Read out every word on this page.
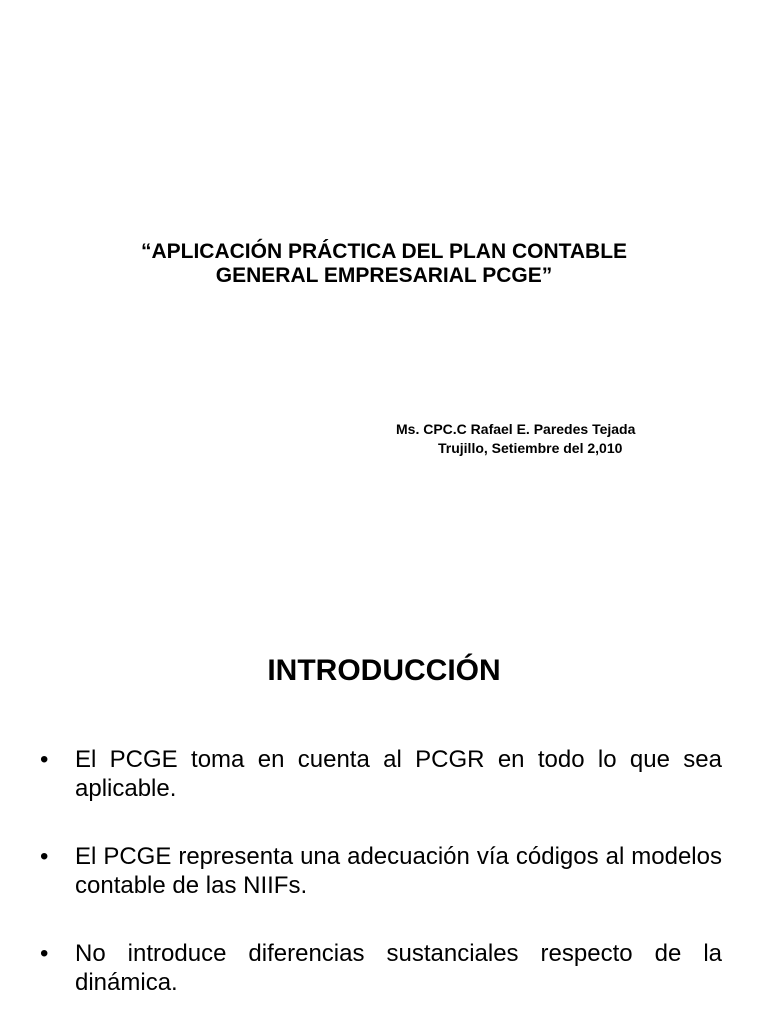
“APLICACIÓN PRÁCTICA DEL PLAN CONTABLE
GENERAL EMPRESARIAL PCGE”
Ms. CPC.C Rafael E. Paredes Tejada
Trujillo, Setiembre del 2,010
INTRODUCCIÓN
• El PCGE toma en cuenta al PCGR en todo lo que sea aplicable.
• El PCGE representa una adecuación vía códigos al modelos contable de las NIIFs.
• No introduce diferencias sustanciales respecto de la dinámica.
